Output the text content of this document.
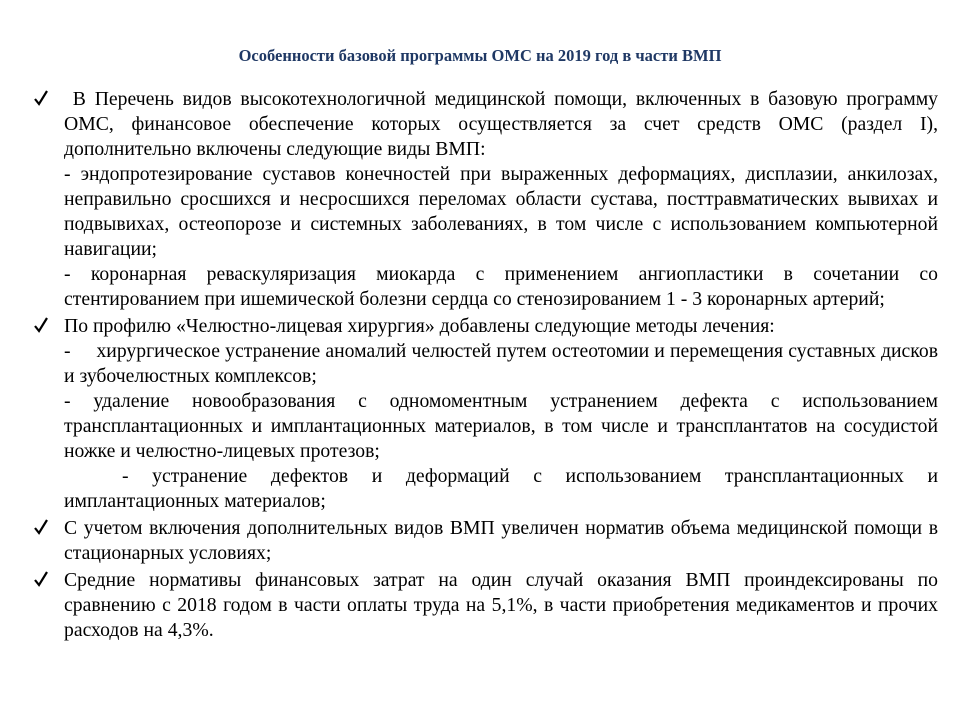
Особенности базовой программы ОМС на 2019 год в части ВМП

В Перечень видов высокотехнологичной медицинской помощи, включенных в базовую программу ОМС, финансовое обеспечение которых осуществляется за счет средств ОМС (раздел I), дополнительно включены следующие виды ВМП:

- эндопротезирование суставов конечностей при выраженных деформациях, дисплазии, анкилозах, неправильно сросшихся и несросшихся переломах области сустава, посттравматических вывихах и подвывихах, остеопорозе и системных заболеваниях, в том числе с использованием компьютерной навигации;

- коронарная реваскуляризация миокарда с применением ангиопластики в сочетании со стентированием при ишемической болезни сердца со стенозированием 1 - 3 коронарных артерий;

По профилю «Челюстно-лицевая хирургия» добавлены следующие методы лечения:

-     хирургическое устранение аномалий челюстей путем остеотомии и перемещения суставных дисков и зубочелюстных комплексов;

- удаление новообразования с одномоментным устранением дефекта с использованием трансплантационных и имплантационных материалов, в том числе и трансплантатов на сосудистой ножке и челюстно-лицевых протезов;

- устранение дефектов и деформаций с использованием трансплантационных и имплантационных материалов;

С учетом включения дополнительных видов ВМП увеличен норматив объема медицинской помощи в стационарных условиях;

Средние нормативы финансовых затрат на один случай оказания ВМП проиндексированы по сравнению с 2018 годом в части оплаты труда на 5,1%, в части приобретения медикаментов и прочих расходов на 4,3%.
